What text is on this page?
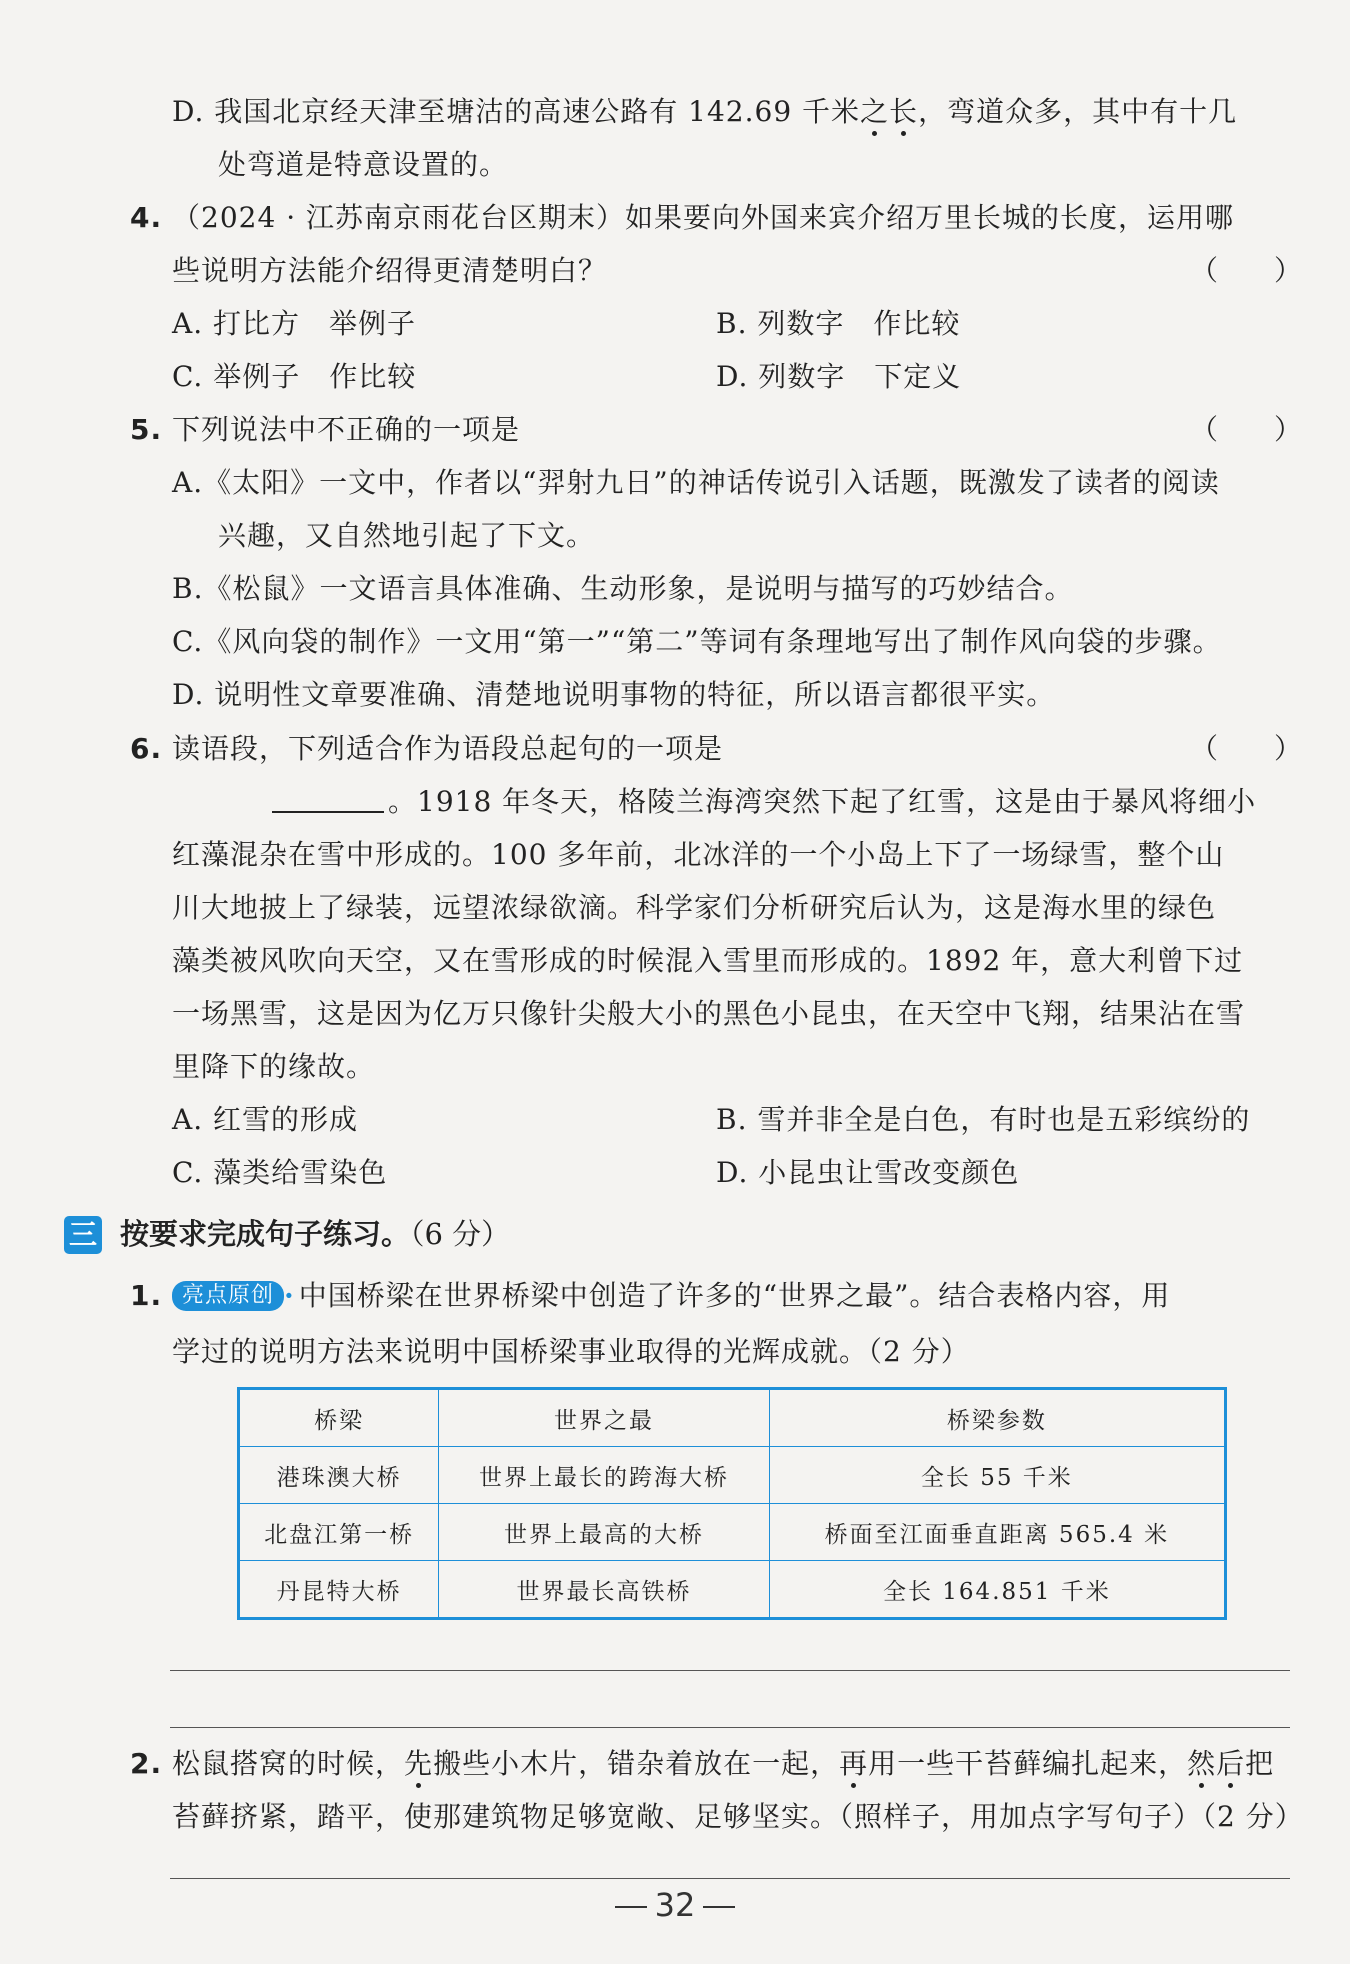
D. 我国北京经天津至塘沽的高速公路有 142.69 千米之长，弯道众多，其中有十几
处弯道是特意设置的。
4. （2024 · 江苏南京雨花台区期末）如果要向外国来宾介绍万里长城的长度，运用哪
些说明方法能介绍得更清楚明白？	（　　）
A. 打比方　举例子	B. 列数字　作比较
C. 举例子　作比较	D. 列数字　下定义
5. 下列说法中不正确的一项是	（　　）
A.《太阳》一文中，作者以“羿射九日”的神话传说引入话题，既激发了读者的阅读
兴趣，又自然地引起了下文。
B.《松鼠》一文语言具体准确、生动形象，是说明与描写的巧妙结合。
C.《风向袋的制作》一文用“第一”“第二”等词有条理地写出了制作风向袋的步骤。
D. 说明性文章要准确、清楚地说明事物的特征，所以语言都很平实。
6. 读语段，下列适合作为语段总起句的一项是	（　　）
。1918 年冬天，格陵兰海湾突然下起了红雪，这是由于暴风将细小
红藻混杂在雪中形成的。100 多年前，北冰洋的一个小岛上下了一场绿雪，整个山
川大地披上了绿装，远望浓绿欲滴。科学家们分析研究后认为，这是海水里的绿色
藻类被风吹向天空，又在雪形成的时候混入雪里而形成的。1892 年，意大利曾下过
一场黑雪，这是因为亿万只像针尖般大小的黑色小昆虫，在天空中飞翔，结果沾在雪
里降下的缘故。
A. 红雪的形成	B. 雪并非全是白色，有时也是五彩缤纷的
C. 藻类给雪染色	D. 小昆虫让雪改变颜色
三 按要求完成句子练习。（6 分）
1. 亮点原创 · 中国桥梁在世界桥梁中创造了许多的“世界之最”。结合表格内容，用
学过的说明方法来说明中国桥梁事业取得的光辉成就。（2 分）
桥梁	世界之最	桥梁参数
港珠澳大桥	世界上最长的跨海大桥	全长 55 千米
北盘江第一桥	世界上最高的大桥	桥面至江面垂直距离 565.4 米
丹昆特大桥	世界最长高铁桥	全长 164.851 千米
2. 松鼠搭窝的时候，先搬些小木片，错杂着放在一起，再用一些干苔藓编扎起来，然后把
苔藓挤紧，踏平，使那建筑物足够宽敞、足够坚实。（照样子，用加点字写句子）（2 分）
32
